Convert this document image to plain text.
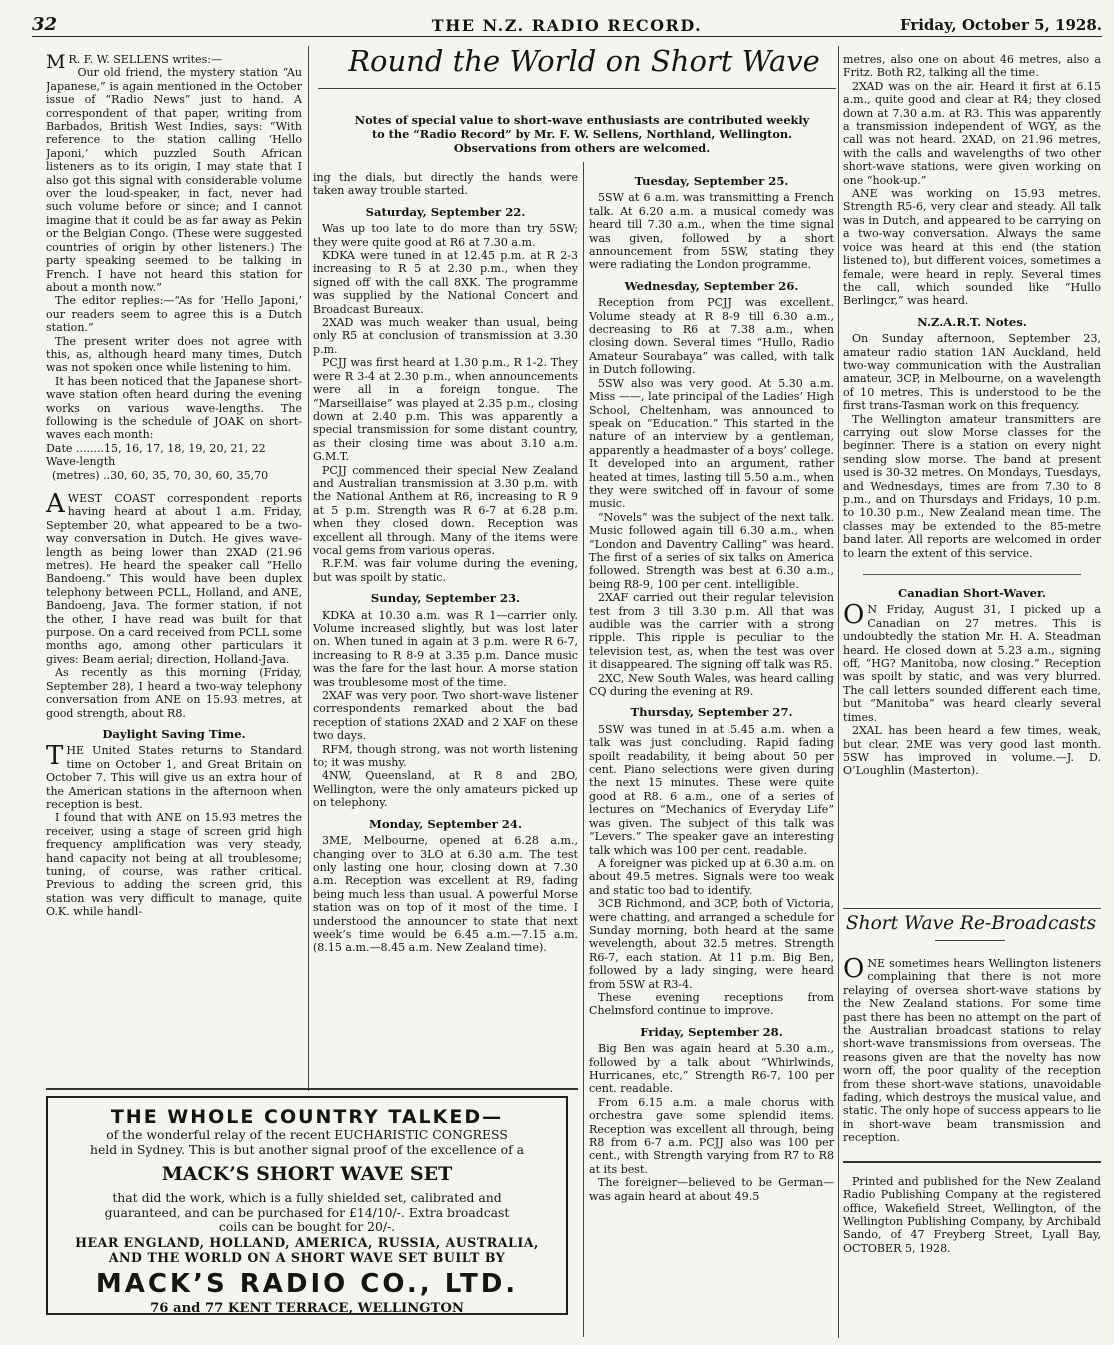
32	THE N.Z. RADIO RECORD.	Friday, October 5, 1928.

M R. F. W. SELLENS writes:—

Our old friend, the mystery station “Au Japanese,” is again mentioned in the October issue of “Radio News” just to hand. A correspondent of that paper, writing from Barbados, British West Indies, says: “With reference to the station calling ‘Hello Japoni,’ which puzzled South African listeners as to its origin, I may state that I also got this signal with considerable volume over the loud-speaker, in fact, never had such volume before or since; and I cannot imagine that it could be as far away as Pekin or the Belgian Congo. (These were suggested countries of origin by other listeners.) The party speaking seemed to be talking in French. I have not heard this station for about a month now.”

The editor replies:—“As for ‘Hello Japoni,’ our readers seem to agree this is a Dutch station.”

The present writer does not agree with this, as, although heard many times, Dutch was not spoken once while listening to him.

It has been noticed that the Japanese short-wave station often heard during the evening works on various wave-lengths. The following is the schedule of JOAK on short-waves each month:

Date ........15, 16, 17, 18, 19, 20, 21, 22

Wave-length

(metres) ..30, 60, 35, 70, 30, 60, 35,70

AWEST COAST correspondent reports having heard at about 1 a.m. Friday, September 20, what appeared to be a two-way conversation in Dutch. He gives wave-length as being lower than 2XAD (21.96 metres). He heard the speaker call “Hello Bandoeng.” This would have been duplex telephony between PCLL, Holland, and ANE, Bandoeng, Java. The former station, if not the other, I have read was built for that purpose. On a card received from PCLL some months ago, among other particulars it gives: Beam aerial; direction, Holland-Java.

As recently as this morning (Friday, September 28), I heard a two-way telephony conversation from ANE on 15.93 metres, at good strength, about R8.

Daylight Saving Time.

THE United States returns to Standard time on October 1, and Great Britain on October 7. This will give us an extra hour of the American stations in the afternoon when reception is best.

I found that with ANE on 15.93 metres the receiver, using a stage of screen grid high frequency amplification was very steady, hand capacity not being at all troublesome; tuning, of course, was rather critical. Previous to adding the screen grid, this station was very difficult to manage, quite O.K. while handl-

Round the World on Short Wave
Notes of special value to short-wave enthusiasts are contributed weekly to the “Radio Record” by Mr. F. W. Sellens, Northland, Wellington. Observations from others are welcomed.

ing the dials, but directly the hands were taken away trouble started.

Saturday, September 22.

Was up too late to do more than try 5SW; they were quite good at R6 at 7.30 a.m.

KDKA were tuned in at 12.45 p.m. at R 2-3 increasing to R 5 at 2.30 p.m., when they signed off with the call 8XK. The programme was supplied by the National Concert and Broadcast Bureaux.

2XAD was much weaker than usual, being only R5 at conclusion of transmission at 3.30 p.m.

PCJJ was first heard at 1.30 p.m., R 1-2. They were R 3-4 at 2.30 p.m., when announcements were all in a foreign tongue. The “Marseillaise” was played at 2.35 p.m., closing down at 2.40 p.m. This was apparently a special transmission for some distant country, as their closing time was about 3.10 a.m. G.M.T.

PCJJ commenced their special New Zealand and Australian transmission at 3.30 p.m. with the National Anthem at R6, increasing to R 9 at 5 p.m. Strength was R 6-7 at 6.28 p.m. when they closed down. Reception was excellent all through. Many of the items were vocal gems from various operas.

R.F.M. was fair volume during the evening, but was spoilt by static.

Sunday, September 23.

KDKA at 10.30 a.m. was R 1—carrier only. Volume increased slightly, but was lost later on. When tuned in again at 3 p.m. were R 6-7, increasing to R 8-9 at 3.35 p.m. Dance music was the fare for the last hour. A morse station was troublesome most of the time.

2XAF was very poor. Two short-wave listener correspondents remarked about the bad reception of stations 2XAD and 2 XAF on these two days.

RFM, though strong, was not worth listening to; it was mushy.

4NW, Queensland, at R 8 and 2BO, Wellington, were the only amateurs picked up on telephony.

Monday, September 24.

3ME, Melbourne, opened at 6.28 a.m., changing over to 3LO at 6.30 a.m. The test only lasting one hour, closing down at 7.30 a.m. Reception was excellent at R9, fading being much less than usual. A powerful Morse station was on top of it most of the time. I understood the announcer to state that next week’s time would be 6.45 a.m.—7.15 a.m. (8.15 a.m.—8.45 a.m. New Zealand time).

Tuesday, September 25.

5SW at 6 a.m. was transmitting a French talk. At 6.20 a.m. a musical comedy was heard till 7.30 a.m., when the time signal was given, followed by a short announcement from 5SW, stating they were radiating the London programme.

Wednesday, September 26.

Reception from PCJJ was excellent. Volume steady at R 8-9 till 6.30 a.m., decreasing to R6 at 7.38 a.m., when closing down. Several times “Hullo, Radio Amateur Sourabaya” was called, with talk in Dutch following.

5SW also was very good. At 5.30 a.m. Miss ——, late principal of the Ladies’ High School, Cheltenham, was announced to speak on “Education.” This started in the nature of an interview by a gentleman, apparently a headmaster of a boys’ college. It developed into an argument, rather heated at times, lasting till 5.50 a.m., when they were switched off in favour of some music.

“Novels” was the subject of the next talk. Music followed again till 6.30 a.m., when “London and Daventry Calling” was heard. The first of a series of six talks on America followed. Strength was best at 6.30 a.m., being R8-9, 100 per cent. intelligible.

2XAF carried out their regular television test from 3 till 3.30 p.m. All that was audible was the carrier with a strong ripple. This ripple is peculiar to the television test, as, when the test was over it disappeared. The signing off talk was R5.

2XC, New South Wales, was heard calling CQ during the evening at R9.

Thursday, September 27.

5SW was tuned in at 5.45 a.m. when a talk was just concluding. Rapid fading spoilt readability, it being about 50 per cent. Piano selections were given during the next 15 minutes. These were quite good at R8. 6 a.m., one of a series of lectures on “Mechanics of Everyday Life” was given. The subject of this talk was “Levers.” The speaker gave an interesting talk which was 100 per cent. readable.

A foreigner was picked up at 6.30 a.m. on about 49.5 metres. Signals were too weak and static too bad to identify.

3CB Richmond, and 3CP, both of Victoria, were chatting, and arranged a schedule for Sunday morning, both heard at the same wevelength, about 32.5 metres. Strength R6-7, each station. At 11 p.m. Big Ben, followed by a lady singing, were heard from 5SW at R3-4.

These evening receptions from Chelmsford continue to improve.

Friday, September 28.

Big Ben was again heard at 5.30 a.m., followed by a talk about “Whirlwinds, Hurricanes, etc,” Strength R6-7, 100 per cent. readable.

From 6.15 a.m. a male chorus with orchestra gave some splendid items. Reception was excellent all through, being R8 from 6-7 a.m. PCJJ also was 100 per cent., with Strength varying from R7 to R8 at its best.

The foreigner—believed to be German—was again heard at about 49.5

metres, also one on about 46 metres, also a Fritz. Both R2, talking all the time.

2XAD was on the air. Heard it first at 6.15 a.m., quite good and clear at R4; they closed down at 7.30 a.m. at R3. This was apparently a transmission independent of WGY, as the call was not heard. 2XAD, on 21.96 metres, with the calls and wavelengths of two other short-wave stations, were given working on one “hook-up.”

ANE was working on 15.93 metres. Strength R5-6, very clear and steady. All talk was in Dutch, and appeared to be carrying on a two-way conversation. Always the same voice was heard at this end (the station listened to), but different voices, sometimes a female, were heard in reply. Several times the call, which sounded like “Hullo Berlingcr,” was heard.

N.Z.A.R.T. Notes.

On Sunday afternoon, September 23, amateur radio station 1AN Auckland, held two-way communication with the Australian amateur, 3CP, in Melbourne, on a wavelength of 10 metres. This is understood to be the first trans-Tasman work on this frequency.

The Wellington amateur transmitters are carrying out slow Morse classes for the beginner. There is a station on every night sending slow morse. The band at present used is 30-32 metres. On Mondays, Tuesdays, and Wednesdays, times are from 7.30 to 8 p.m., and on Thursdays and Fridays, 10 p.m. to 10.30 p.m., New Zealand mean time. The classes may be extended to the 85-metre band later. All reports are welcomed in order to learn the extent of this service.

Canadian Short-Waver.

O N Friday, August 31, I picked up a Canadian on 27 metres. This is undoubtedly the station Mr. H. A. Steadman heard. He closed down at 5.23 a.m., signing off, “HG? Manitoba, now closing.” Reception was spoilt by static, and was very blurred. The call letters sounded different each time, but “Manitoba” was heard clearly several times.

2XAL has been heard a few times, weak, but clear. 2ME was very good last month. 5SW has improved in volume.—J. D. O’Loughlin (Masterton).

Short Wave Re-Broadcasts

ONE sometimes hears Wellington listeners complaining that there is not more relaying of oversea short-wave stations by the New Zealand stations. For some time past there has been no attempt on the part of the Australian broadcast stations to relay short-wave transmissions from overseas. The reasons given are that the novelty has now worn off, the poor quality of the reception from these short-wave stations, unavoidable fading, which destroys the musical value, and static. The only hope of success appears to lie in short-wave beam transmission and reception.

Printed and published for the New Zealand Radio Publishing Company at the registered office, Wakefield Street, Wellington, of the Wellington Publishing Company, by Archibald Sando, of 47 Freyberg Street, Lyall Bay, OCTOBER 5, 1928.

THE WHOLE COUNTRY TALKED—
of the wonderful relay of the recent EUCHARISTIC CONGRESS
held in Sydney. This is but another signal proof of the excellence of a
MACK’S SHORT WAVE SET
that did the work, which is a fully shielded set, calibrated and
guaranteed, and can be purchased for £14/10/-. Extra broadcast
coils can be bought for 20/-.
HEAR ENGLAND, HOLLAND, AMERICA, RUSSIA, AUSTRALIA,
AND THE WORLD ON A SHORT WAVE SET BUILT BY
MACK’S RADIO CO., LTD.
76 and 77 KENT TERRACE, WELLINGTON
